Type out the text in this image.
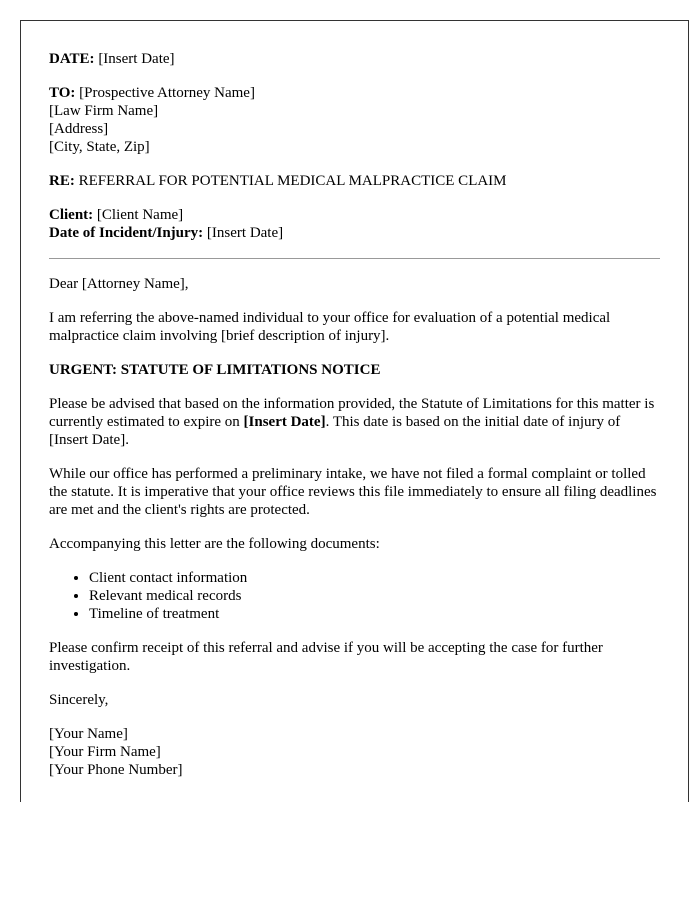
DATE: [Insert Date]

TO: [Prospective Attorney Name]
[Law Firm Name]
[Address]
[City, State, Zip]

RE: REFERRAL FOR POTENTIAL MEDICAL MALPRACTICE CLAIM

Client: [Client Name]
Date of Incident/Injury: [Insert Date]

Dear [Attorney Name],

I am referring the above-named individual to your office for evaluation of a potential medical malpractice claim involving [brief description of injury].

URGENT: STATUTE OF LIMITATIONS NOTICE

Please be advised that based on the information provided, the Statute of Limitations for this matter is currently estimated to expire on [Insert Date]. This date is based on the initial date of injury of [Insert Date].

While our office has performed a preliminary intake, we have not filed a formal complaint or tolled the statute. It is imperative that your office reviews this file immediately to ensure all filing deadlines are met and the client's rights are protected.

Accompanying this letter are the following documents:

• Client contact information
• Relevant medical records
• Timeline of treatment

Please confirm receipt of this referral and advise if you will be accepting the case for further investigation.

Sincerely,

[Your Name]
[Your Firm Name]
[Your Phone Number]
